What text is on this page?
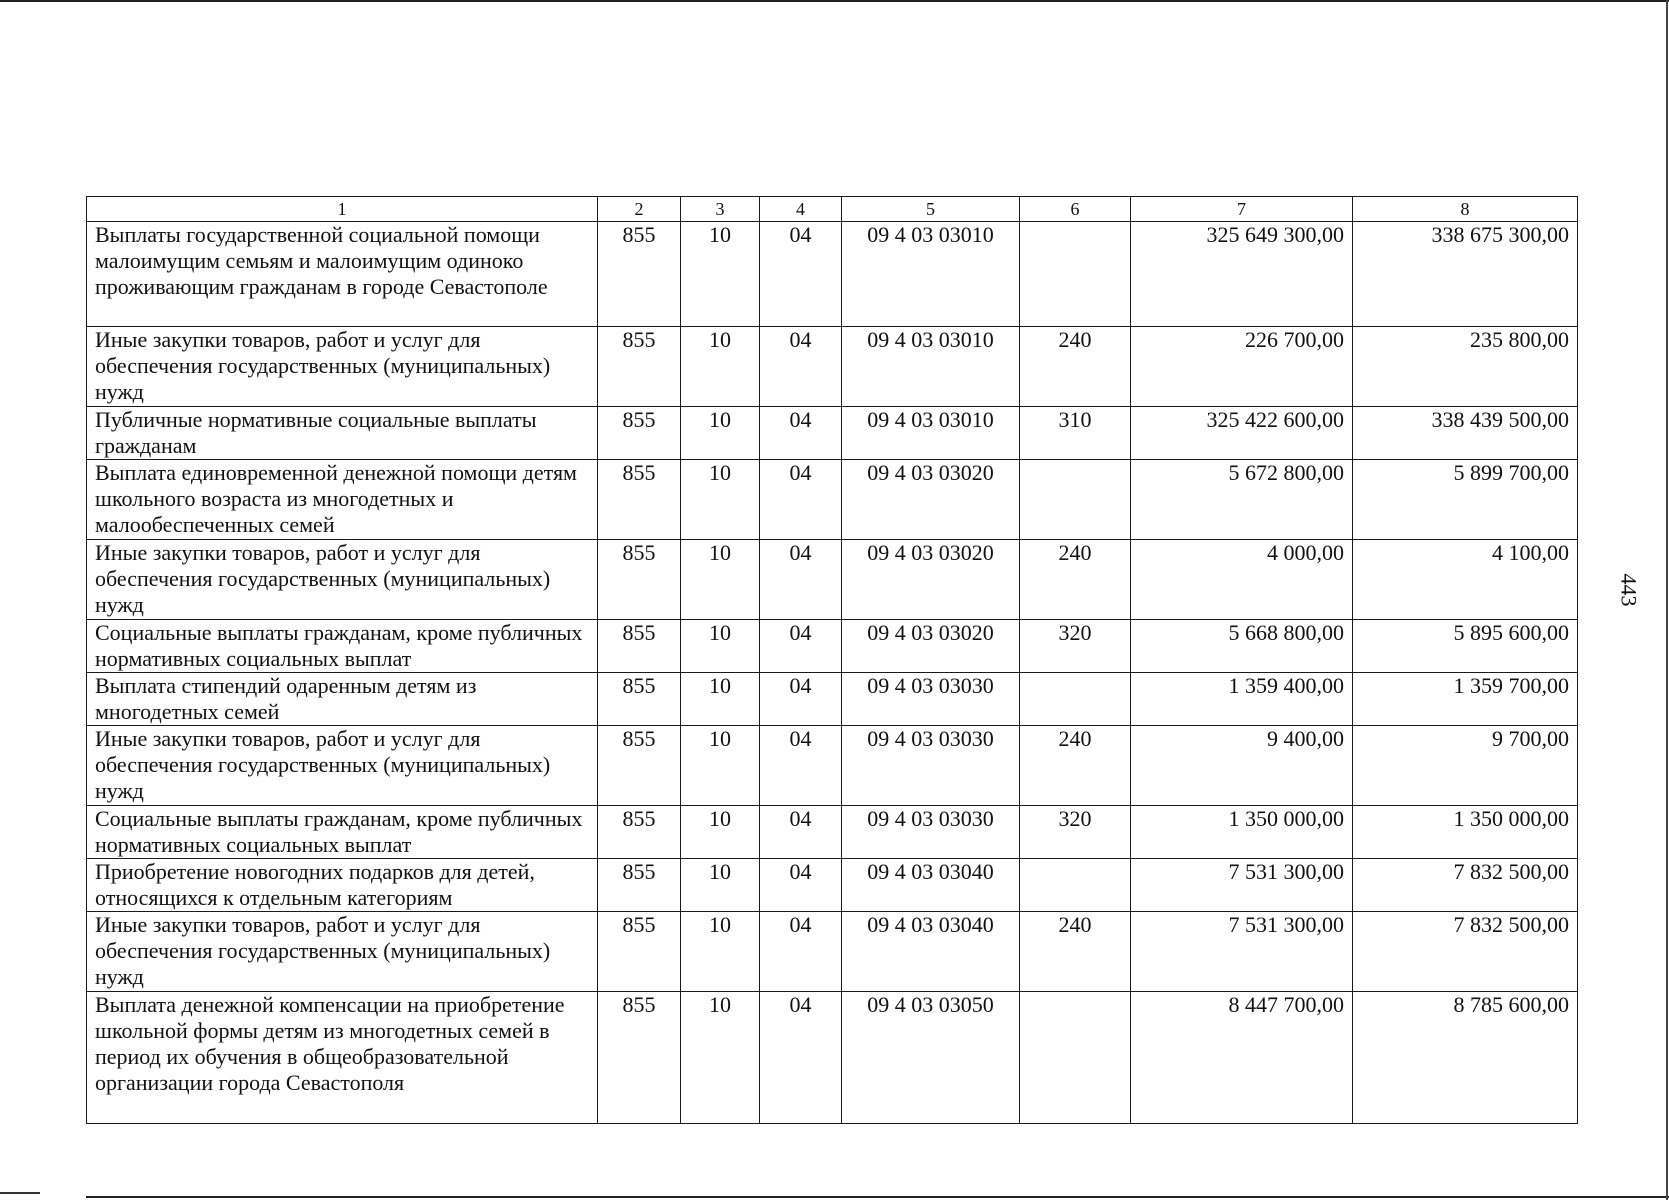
1	2	3	4	5	6	7	8
Выплаты государственной социальной помощи малоимущим семьям и малоимущим одиноко проживающим гражданам в городе Севастополе	855	10	04	09 4 03 03010		325 649 300,00	338 675 300,00
Иные закупки товаров, работ и услуг для обеспечения государственных (муниципальных) нужд	855	10	04	09 4 03 03010	240	226 700,00	235 800,00
Публичные нормативные социальные выплаты гражданам	855	10	04	09 4 03 03010	310	325 422 600,00	338 439 500,00
Выплата единовременной денежной помощи детям школьного возраста из многодетных и малообеспеченных семей	855	10	04	09 4 03 03020		5 672 800,00	5 899 700,00
Иные закупки товаров, работ и услуг для обеспечения государственных (муниципальных) нужд	855	10	04	09 4 03 03020	240	4 000,00	4 100,00
Социальные выплаты гражданам, кроме публичных нормативных социальных выплат	855	10	04	09 4 03 03020	320	5 668 800,00	5 895 600,00
Выплата стипендий одаренным детям из многодетных семей	855	10	04	09 4 03 03030		1 359 400,00	1 359 700,00
Иные закупки товаров, работ и услуг для обеспечения государственных (муниципальных) нужд	855	10	04	09 4 03 03030	240	9 400,00	9 700,00
Социальные выплаты гражданам, кроме публичных нормативных социальных выплат	855	10	04	09 4 03 03030	320	1 350 000,00	1 350 000,00
Приобретение новогодних подарков для детей, относящихся к отдельным категориям	855	10	04	09 4 03 03040		7 531 300,00	7 832 500,00
Иные закупки товаров, работ и услуг для обеспечения государственных (муниципальных) нужд	855	10	04	09 4 03 03040	240	7 531 300,00	7 832 500,00
Выплата денежной компенсации на приобретение школьной формы детям из многодетных семей в период их обучения в общеобразовательной организации города Севастополя	855	10	04	09 4 03 03050		8 447 700,00	8 785 600,00
443
